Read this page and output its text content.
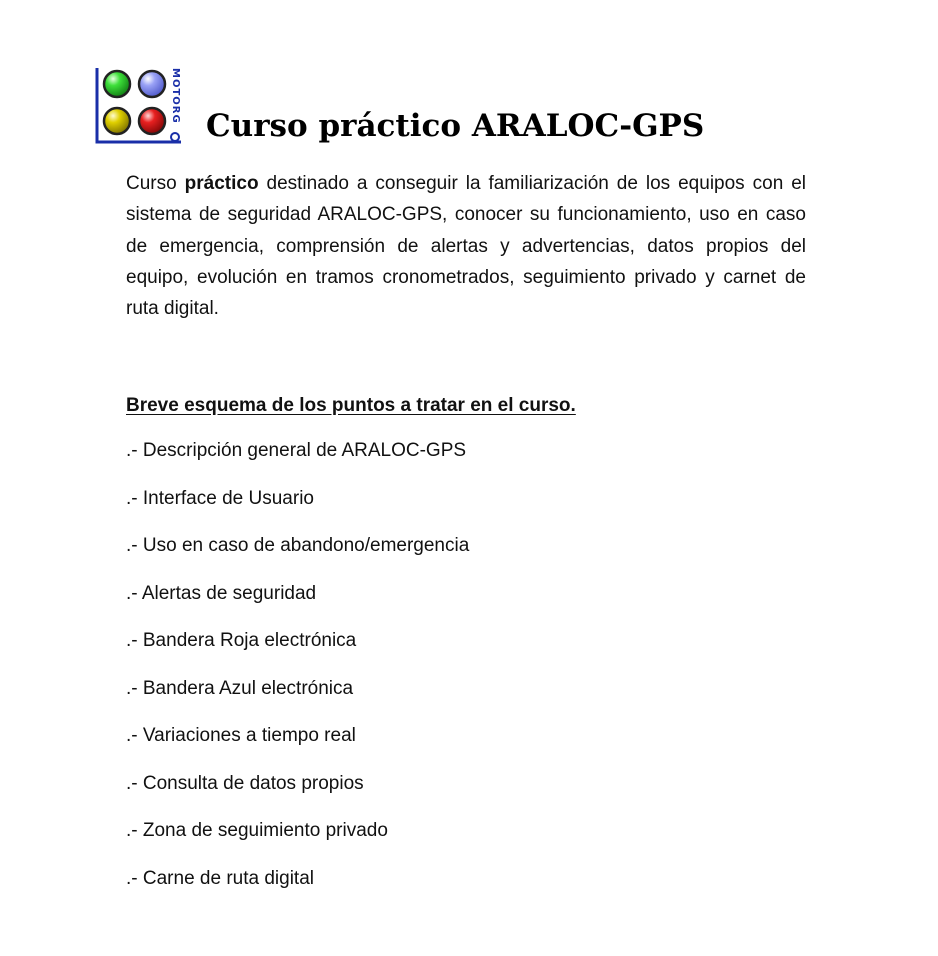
MOTORG
Curso práctico ARALOC-GPS

Curso práctico destinado a conseguir la familiarización de los equipos con el sistema de seguridad ARALOC-GPS, conocer su funcionamiento, uso en caso de emergencia, comprensión de alertas y advertencias, datos propios del equipo, evolución en tramos cronometrados, seguimiento privado y carnet de ruta digital.

Breve esquema de los puntos a tratar en el curso.
.- Descripción general de ARALOC-GPS
.- Interface de Usuario
.- Uso en caso de abandono/emergencia
.- Alertas de seguridad
.- Bandera Roja electrónica
.- Bandera Azul electrónica
.- Variaciones a tiempo real
.- Consulta de datos propios
.- Zona de seguimiento privado
.- Carne de ruta digital
